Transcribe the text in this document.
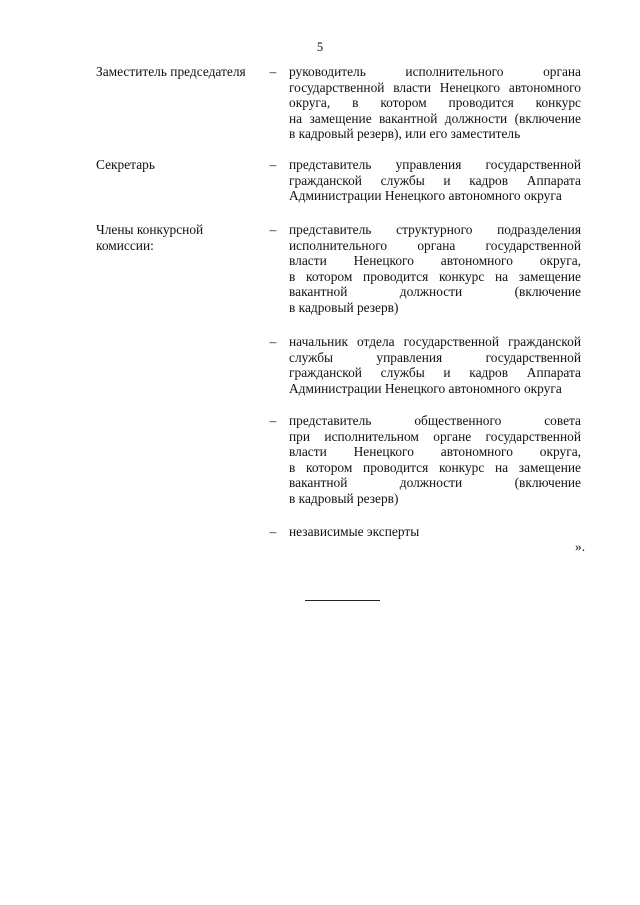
5
Заместитель председателя	– руководитель исполнительного органа
государственной власти Ненецкого автономного
округа, в котором проводится конкурс
на замещение вакантной должности (включение
в кадровый резерв), или его заместитель
Секретарь	– представитель управления государственной
гражданской службы и кадров Аппарата
Администрации Ненецкого автономного округа
Члены конкурсной
комиссии:
– представитель структурного подразделения
исполнительного органа государственной
власти Ненецкого автономного округа,
в котором проводится конкурс на замещение
вакантной должности (включение
в кадровый резерв)
– начальник отдела государственной гражданской
службы управления государственной
гражданской службы и кадров Аппарата
Администрации Ненецкого автономного округа
– представитель общественного совета
при исполнительном органе государственной
власти Ненецкого автономного округа,
в котором проводится конкурс на замещение
вакантной должности (включение
в кадровый резерв)
– независимые эксперты
».
